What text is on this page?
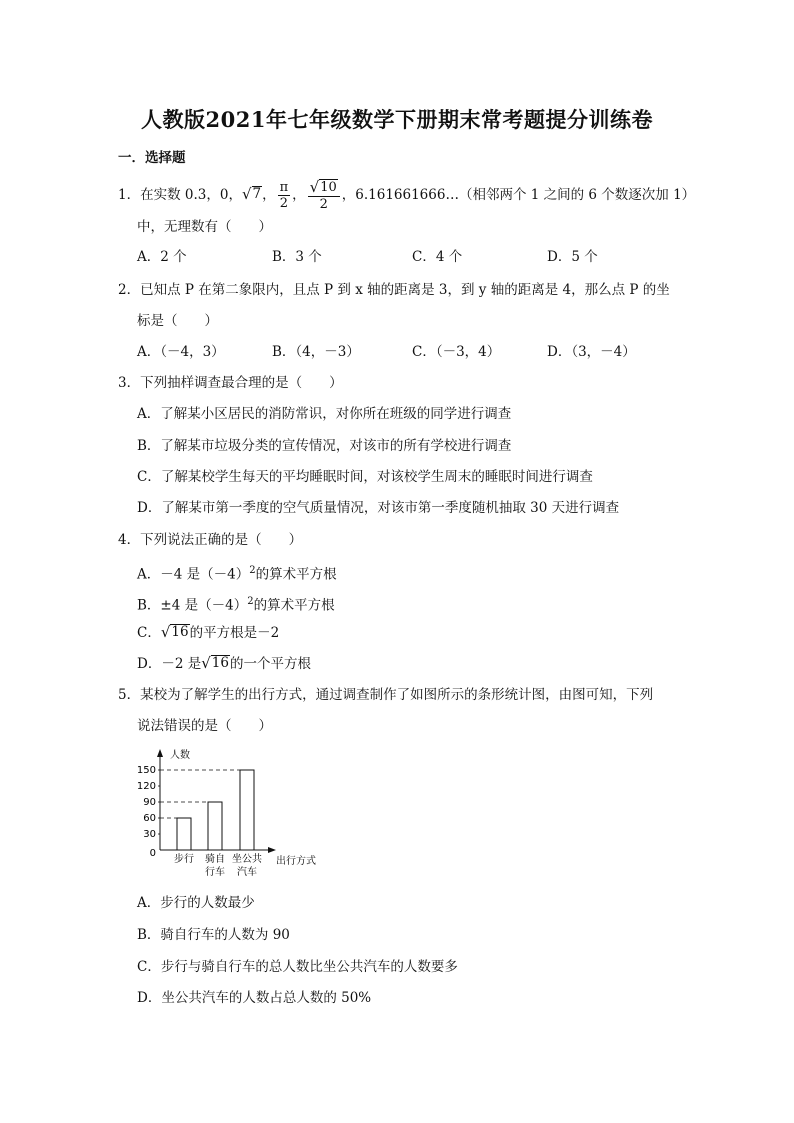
人教版2021年七年级数学下册期末常考题提分训练卷
一．选择题
1．在实数 0.3，0， √ 7 ， $\frac{\pi}{2}$ ， $\frac{√ 10}{2}$ ，6.161661666…（相邻两个 1 之间的 6 个数逐次加 1）
中，无理数有（　　）
A．2 个	B．3 个	C．4 个	D．5 个
2．已知点 P 在第二象限内，且点 P 到 x 轴的距离是 3，到 y 轴的距离是 4，那么点 P 的坐
标是（　　）
A．（－4，3）	B．（4，－3）	C．（－3，4）	D．（3，－4）
3．下列抽样调查最合理的是（　　）
A．了解某小区居民的消防常识，对你所在班级的同学进行调查
B．了解某市垃圾分类的宣传情况，对该市的所有学校进行调查
C．了解某校学生每天的平均睡眠时间，对该校学生周末的睡眠时间进行调查
D．了解某市第一季度的空气质量情况，对该市第一季度随机抽取 30 天进行调查
4．下列说法正确的是（　　）
A．－4 是$(-4)^2$的算术平方根
B．±4 是$(-4)^2$的算术平方根
C． √ 16 的平方根是－2
D．－2 是 √ 16 的一个平方根
5．某校为了解学生的出行方式，通过调查制作了如图所示的条形统计图，由图可知，下列
说法错误的是（　　）
人数
150
120
90
60
30
0
步行 骑自
行车
坐公共
汽车
出行方式
A．步行的人数最少
B．骑自行车的人数为 90
C．步行与骑自行车的总人数比坐公共汽车的人数要多
D．坐公共汽车的人数占总人数的 50%
